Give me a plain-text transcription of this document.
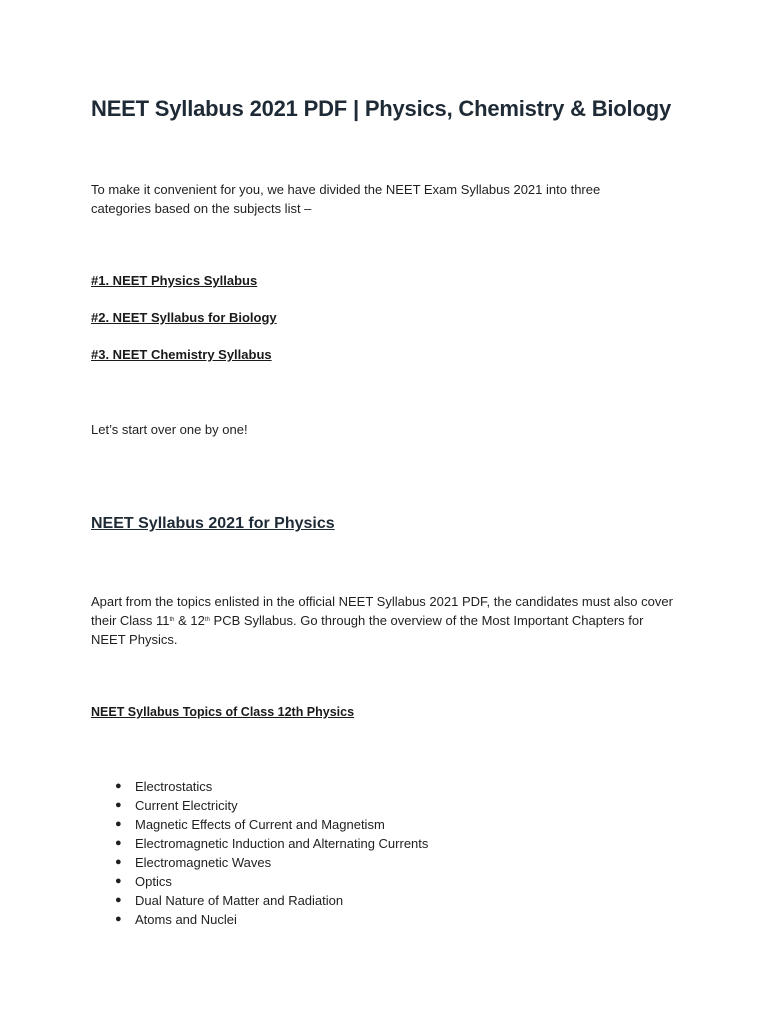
NEET Syllabus 2021 PDF | Physics, Chemistry & Biology

To make it convenient for you, we have divided the NEET Exam Syllabus 2021 into three categories based on the subjects list –

#1. NEET Physics Syllabus

#2. NEET Syllabus for Biology

#3. NEET Chemistry Syllabus

Let’s start over one by one!

NEET Syllabus 2021 for Physics

Apart from the topics enlisted in the official NEET Syllabus 2021 PDF, the candidates must also cover their Class 11th & 12th PCB Syllabus. Go through the overview of the Most Important Chapters for NEET Physics.

NEET Syllabus Topics of Class 12th Physics
● Electrostatics
● Current Electricity
● Magnetic Effects of Current and Magnetism
● Electromagnetic Induction and Alternating Currents
● Electromagnetic Waves
● Optics
● Dual Nature of Matter and Radiation
● Atoms and Nuclei
